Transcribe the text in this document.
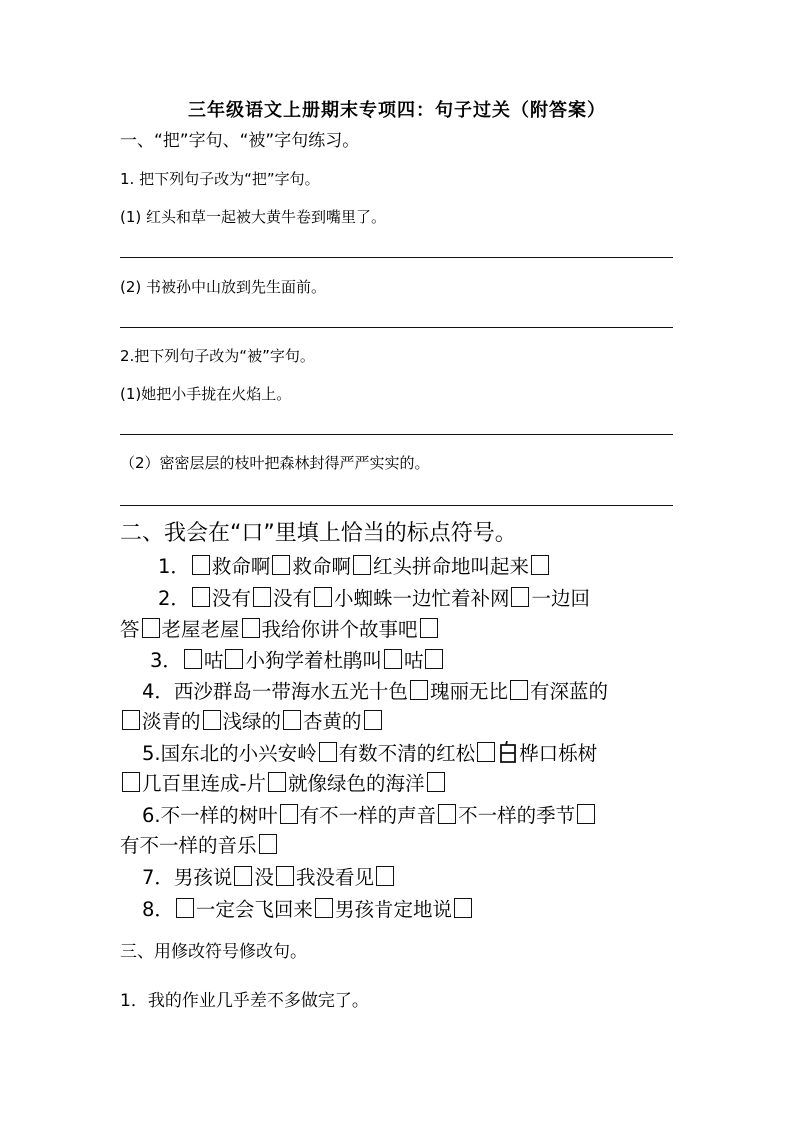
三年级语文上册期末专项四：句子过关（附答案）
一、“把”字句、“被”字句练习。
1. 把下列句子改为“把”字句。
(1) 红头和草一起被大黄牛卷到嘴里了。
(2) 书被孙中山放到先生面前。
2.把下列句子改为“被”字句。
(1)她把小手拢在火焰上。
（2）密密层层的枝叶把森林封得严严实实的。
二、我会在“口”里填上恰当的标点符号。
1． 救命啊 救命啊 红头拼命地叫起来
2． 没有 没有 小蜘蛛一边忙着补网 一边回
答 老屋老屋 我给你讲个故事吧
3． 咕 小狗学着杜鹃叫 咕
4．西沙群岛一带海水五光十色 瑰丽无比 有深蓝的
淡青的 浅绿的 杏黄的
5.国东北的小兴安岭 有数不清的红松 桦口栎树
几百里连成-片 就像绿色的海洋
6.不一样的树叶 有不一样的声音 不一样的季节
有不一样的音乐
7．男孩说 没 我没看见
8． 一定会飞回来 男孩肯定地说
三、用修改符号修改句。
1．我的作业几乎差不多做完了。
